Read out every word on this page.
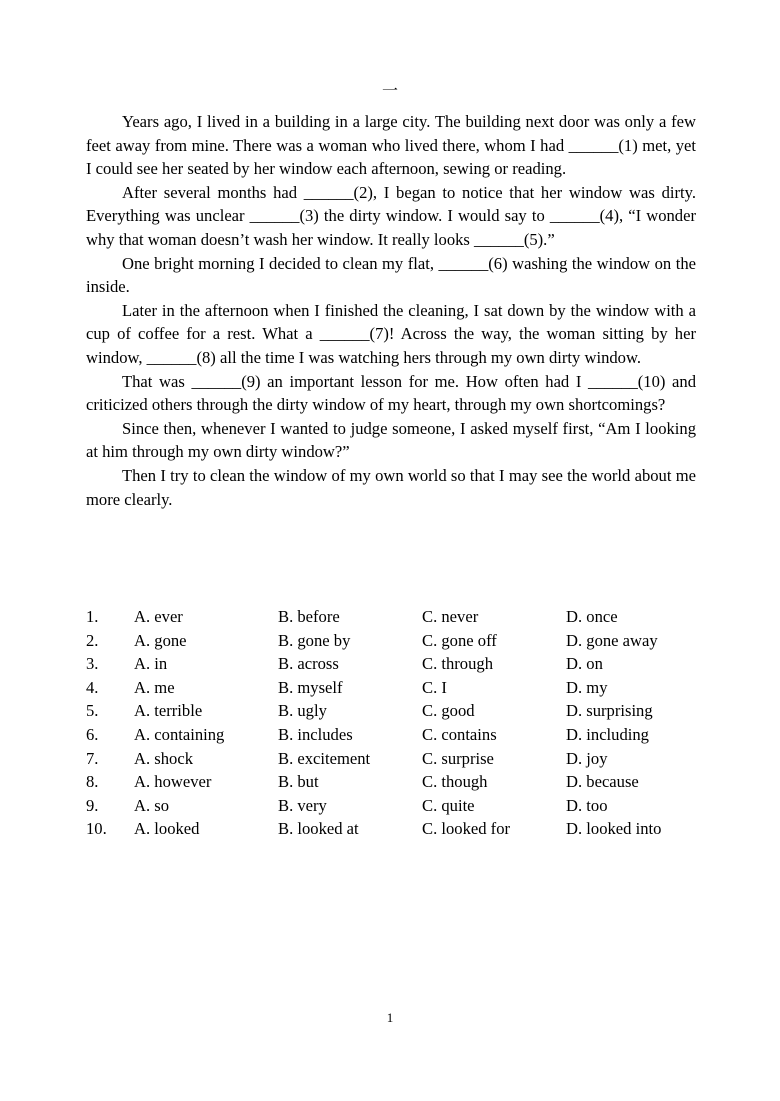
一

Years ago, I lived in a building in a large city. The building next door was only a few feet away from mine. There was a woman who lived there, whom I had ______(1) met, yet I could see her seated by her window each afternoon, sewing or reading.

After several months had ______(2), I began to notice that her window was dirty. Everything was unclear ______(3) the dirty window. I would say to ______(4), “I wonder why that woman doesn’t wash her window. It really looks ______(5).”

One bright morning I decided to clean my flat, ______(6) washing the window on the inside.

Later in the afternoon when I finished the cleaning, I sat down by the window with a cup of coffee for a rest. What a ______(7)! Across the way, the woman sitting by her window, ______(8) all the time I was watching hers through my own dirty window.

That was ______(9) an important lesson for me. How often had I ______(10) and criticized others through the dirty window of my heart, through my own shortcomings?

Since then, whenever I wanted to judge someone, I asked myself first, “Am I looking at him through my own dirty window?”

Then I try to clean the window of my own world so that I may see the world about me more clearly.

1.	A. ever	B. before	C. never	D. once
2.	A. gone	B. gone by	C. gone off	D. gone away
3.	A. in	B. across	C. through	D. on
4.	A. me	B. myself	C. I	D. my
5.	A. terrible	B. ugly	C. good	D. surprising
6.	A. containing	B. includes	C. contains	D. including
7.	A. shock	B. excitement	C. surprise	D. joy
8.	A. however	B. but	C. though	D. because
9.	A. so	B. very	C. quite	D. too
10.	A. looked	B. looked at	C. looked for	D. looked into
1
